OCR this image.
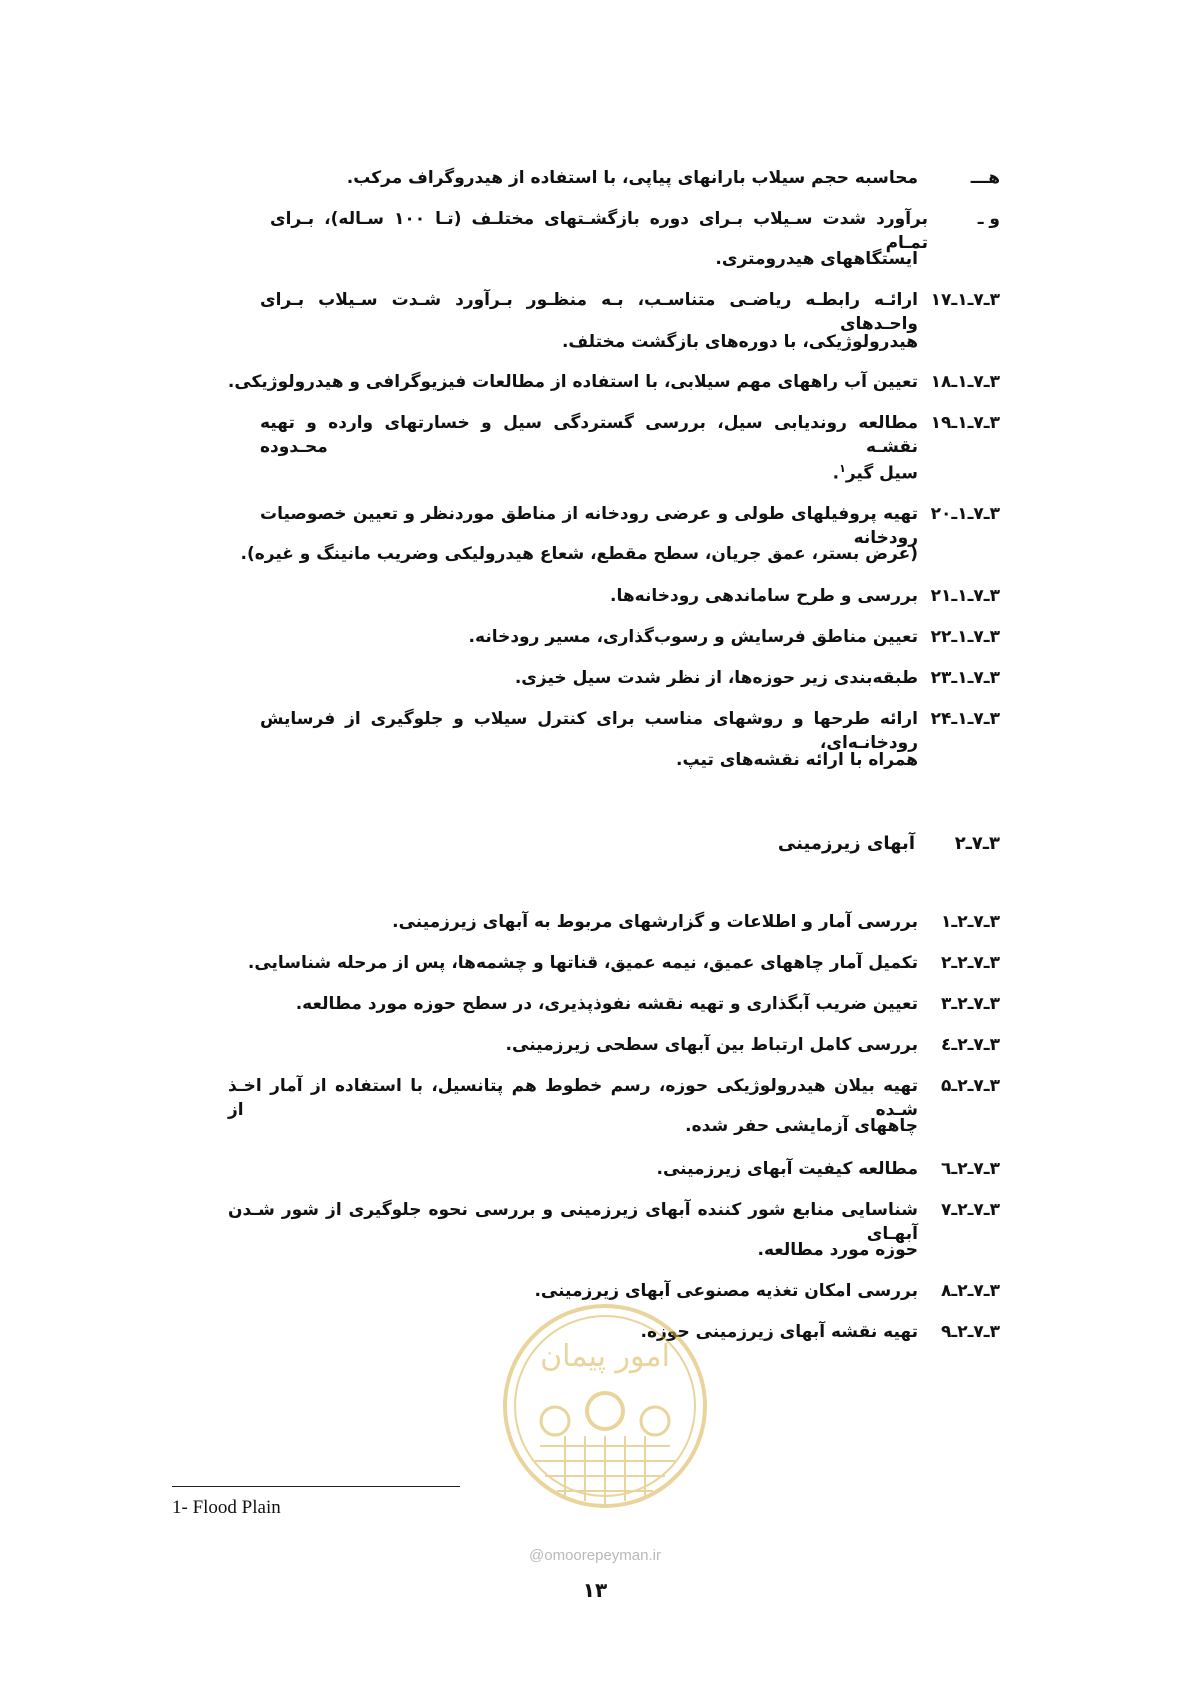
هـــمحاسبه حجم سیلاب بارانهای پیاپی، با استفاده از هیدروگراف مرکب.
برآورد شدت سـیلاب بـرای دوره بازگشـتهای مختلـف (تـا ۱۰۰ سـاله)، بـرای تمـام
و ـ
ایستگاههای هیدرومتری.
۳ـ۷ـ۱ـ۱۷
ارائـه رابطـه ریاضـی متناسـب، بـه منظـور بـرآورد شـدت سـیلاب بـرای واحـدهای
هیدرولوژیکی، با دوره‌های بازگشت مختلف.
۳ـ۷ـ۱ـ۱۸
تعیین آب راههای مهم سیلابی، با استفاده از مطالعات فیزیوگرافی و هیدرولوژیکی.
۳ـ۷ـ۱ـ۱۹
مطالعه روندیابی سیل، بررسی گستردگی سیل و خسارتهای وارده و تهیه نقشـه محـدوده
سیل گیر$^۱$.
۳ـ۷ـ۱ـ۲۰
تهیه پروفیلهای طولی و عرضی رودخانه از مناطق موردنظر و تعیین خصوصیات رودخانه
(عرض بستر، عمق جریان، سطح مقطع، شعاع هیدرولیکی وضریب مانینگ و غیره).
۳ـ۷ـ۱ـ۲۱
بررسی و طرح ساماندهی رودخانه‌ها.
۳ـ۷ـ۱ـ۲۲
تعیین مناطق فرسایش و رسوب‌گذاری، مسیر رودخانه.
۳ـ۷ـ۱ـ۲۳
طبقه‌بندی زیر حوزه‌ها، از نظر شدت سیل خیزی.
۳ـ۷ـ۱ـ۲۴
ارائه طرحها و روشهای مناسب برای کنترل سیلاب و جلوگیری از فرسایش رودخانـه‌ای،
همراه با ارائه نقشه‌های تیپ.
۳ـ۷ـ۲
آبهای زیرزمینی
۳ـ۷ـ۲ـ۱
بررسی آمار و اطلاعات و گزارشهای مربوط به آبهای زیرزمینی.
۳ـ۷ـ۲ـ۲
تکمیل آمار چاههای عمیق، نیمه عمیق، قناتها و چشمه‌ها، پس از مرحله شناسایی.
۳ـ۷ـ۲ـ۳
تعیین ضریب آبگذاری و تهیه نقشه نفوذپذیری، در سطح حوزه مورد مطالعه.
۳ـ۷ـ۲ـ٤
بررسی کامل ارتباط بین آبهای سطحی زیرزمینی.
۳ـ۷ـ۲ـ۵
تهیه بیلان هیدرولوژیکی حوزه، رسم خطوط هم پتانسیل، با استفاده از آمار اخـذ شـده از
چاههای آزمایشی حفر شده.
۳ـ۷ـ۲ـ٦
مطالعه کیفیت آبهای زیرزمینی.
۳ـ۷ـ۲ـ۷
شناسایی منابع شور کننده آبهای زیرزمینی و بررسی نحوه جلوگیری از شور شـدن آبهـای
حوزه مورد مطالعه.
۳ـ۷ـ۲ـ۸
بررسی امکان تغذیه مصنوعی آبهای زیرزمینی.
۳ـ۷ـ۲ـ۹
تهیه نقشه آبهای زیرزمینی حوزه.
امور پیمان
@omoorepeyman.ir
1- Flood Plain
۱۳
